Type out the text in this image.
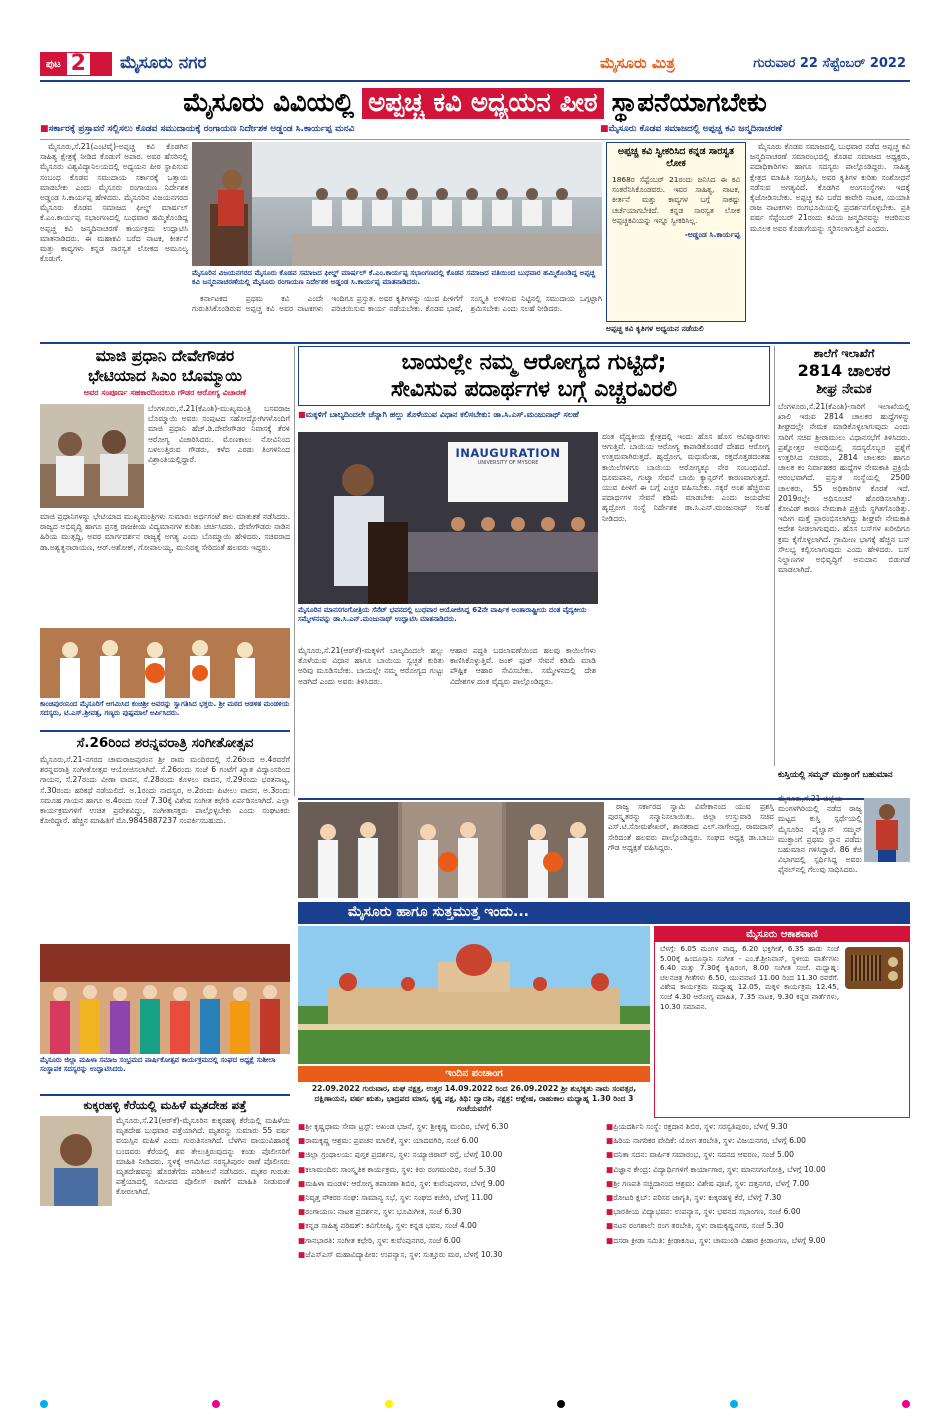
ಪುಟ 2 ಮೈಸೂರು ನಗರ	ಮೈಸೂರು ಮಿತ್ರ	ಗುರುವಾರ 22 ಸೆಪ್ಟೆಂಬರ್ 2022
ಮೈಸೂರು ವಿವಿಯಲ್ಲಿ ಅಪ್ಪಚ್ಚ ಕವಿ ಅಧ್ಯಯನ ಪೀಠ ಸ್ಥಾಪನೆಯಾಗಬೇಕು
■ ಸರ್ಕಾರಕ್ಕೆ ಪ್ರಸ್ತಾವನೆ ಸಲ್ಲಿಸಲು ಕೊಡವ ಸಮುದಾಯಕ್ಕೆ ರಂಗಾಯಣ ನಿರ್ದೇಶಕ ಅಡ್ಡಂಡ ಸಿ.ಕಾರ್ಯಪ್ಪ ಮನವಿ
■	ಮೈಸೂರು ಕೊಡವ ಸಮಾಜದಲ್ಲಿ ಅಪ್ಪಚ್ಚ ಕವಿ ಜನ್ಮದಿನಾಚರಣೆ

ಮೈಸೂರು,ಸೆ.21(ಎಂಟಿವೈ)-ಅಪ್ಪಚ್ಚ ಕವಿ ಕೊಡಗಿನ ಸಾಹಿತ್ಯ ಕ್ಷೇತ್ರಕ್ಕೆ ನೀಡಿದ ಕೊಡುಗೆ ಅಪಾರ. ಅವರ ಹೆಸರಿನಲ್ಲಿ ಮೈಸೂರು ವಿಶ್ವವಿದ್ಯಾನಿಲಯದಲ್ಲಿ ಅಧ್ಯಯನ ಪೀಠ ಸ್ಥಾಪಿಸುವ ಸಂಬಂಧ ಕೊಡವ ಸಮುದಾಯ ಸರ್ಕಾರಕ್ಕೆ ಒತ್ತಾಯ ಮಾಡಬೇಕು ಎಂದು ಮೈಸೂರು ರಂಗಾಯಣ ನಿರ್ದೇಶಕ ಅಡ್ಡಂಡ ಸಿ.ಕಾರ್ಯಪ್ಪ ಹೇಳಿದರು. ಮೈಸೂರಿನ ವಿಜಯನಗರದ ಮೈಸೂರು ಕೊಡವ ಸಮಾಜದ ಫೀಲ್ಡ್ ಮಾರ್ಷಲ್ ಕೆ.ಎಂ.ಕಾರ್ಯಪ್ಪ ಸಭಾಂಗಣದಲ್ಲಿ ಬುಧವಾರ ಹಮ್ಮಿಕೊಂಡಿದ್ದ ಅಪ್ಪಚ್ಚ ಕವಿ ಜನ್ಮದಿನಾಚರಣೆ ಕಾರ್ಯಕ್ರಮ ಉದ್ಘಾಟಿಸಿ ಮಾತನಾಡಿದರು. ಈ ಮಹಾಕವಿ ಬರೆದ ನಾಟಕ, ಕೀರ್ತನೆ ಮತ್ತು ಕಾವ್ಯಗಳು ಕನ್ನಡ ಸಾರಸ್ವತ ಲೋಕದ ಅಮೂಲ್ಯ ಕೊಡುಗೆ.

ಮೈಸೂರಿನ ವಿಜಯನಗರದ ಮೈಸೂರು ಕೊಡವ ಸಮಾಜದ ಫೀಲ್ಡ್ ಮಾರ್ಷಲ್ ಕೆ.ಎಂ.ಕಾರ್ಯಪ್ಪ ಸಭಾಂಗಣದಲ್ಲಿ ಕೊಡವ ಸಮಾಜದ ವತಿಯಿಂದ ಬುಧವಾರ ಹಮ್ಮಿಕೊಂಡಿದ್ದ ಅಪ್ಪಚ್ಚ ಕವಿ ಜನ್ಮದಿನಾಚರಣೆಯಲ್ಲಿ ಮೈಸೂರು ರಂಗಾಯಣ ನಿರ್ದೇಶಕ ಅಡ್ಡಂಡ ಸಿ.ಕಾರ್ಯಪ್ಪ ಮಾತನಾಡಿದರು.

ಕರ್ನಾಟಕದ ಪ್ರಥಮ ಕವಿ ಎಂದೇ ಗುರುತಿಸಿಕೊಂಡಿರುವ ಅಪ್ಪಚ್ಚ ಕವಿ ಅವರ ನಾಟಕಗಳು ಇಂದಿಗೂ ಪ್ರಸ್ತುತ. ಅವರ ಕೃತಿಗಳನ್ನು ಯುವ ಪೀಳಿಗೆಗೆ ಪರಿಚಯಿಸುವ ಕಾರ್ಯ ನಡೆಯಬೇಕು. ಕೊಡವ ಭಾಷೆ, ಸಂಸ್ಕೃತಿ ಉಳಿಸುವ ನಿಟ್ಟಿನಲ್ಲಿ ಸಮುದಾಯ ಒಗ್ಗಟ್ಟಾಗಿ ಶ್ರಮಿಸಬೇಕು ಎಂದು ಸಲಹೆ ನೀಡಿದರು.

ಅಪ್ಪಚ್ಚ ಕವಿ ಸ್ವೀಕರಿಸಿದ ಕನ್ನಡ ಸಾರಸ್ವತ ಲೋಕ
1868ರ ಸೆಪ್ಟೆಂಬರ್ 21ರಂದು ಜನಿಸಿದ ಈ ಕವಿ ಸಂತರೆನಿಸಿಕೊಂಡವರು. ಇವರ ಸಾಹಿತ್ಯ, ನಾಟಕ, ಕೀರ್ತನೆ ಮತ್ತು ಕಾವ್ಯಗಳ ಬಗ್ಗೆ ಸಾಕಷ್ಟು ಚರ್ಚೆಯಾಗಬೇಕಿದೆ. ಕನ್ನಡ ಸಾರಸ್ವತ ಲೋಕ ಅಪ್ಪಚ್ಚಕವಿಯನ್ನು ಇನ್ನೂ ಸ್ವೀಕರಿಸಿಲ್ಲ.
-ಅಡ್ಡಂಡ ಸಿ.ಕಾರ್ಯಪ್ಪ

ಮೈಸೂರು ಕೊಡವ ಸಮಾಜದಲ್ಲಿ ಬುಧವಾರ ನಡೆದ ಅಪ್ಪಚ್ಚ ಕವಿ ಜನ್ಮದಿನಾಚರಣೆ ಸಮಾರಂಭದಲ್ಲಿ ಕೊಡವ ಸಮಾಜದ ಅಧ್ಯಕ್ಷರು, ಪದಾಧಿಕಾರಿಗಳು ಹಾಗೂ ಸದಸ್ಯರು ಪಾಲ್ಗೊಂಡಿದ್ದರು. ಸಾಹಿತ್ಯ ಕ್ಷೇತ್ರದ ಮಾಹಿತಿ ಸಂಗ್ರಹಿಸಿ, ಅವರ ಕೃತಿಗಳ ಕುರಿತು ಸಂಶೋಧನೆ ನಡೆಸುವ ಅಗತ್ಯವಿದೆ. ಕೊಡಗಿನ ಅಂಗಸಂಸ್ಥೆಗಳು ಇದಕ್ಕೆ ಕೈಜೋಡಿಸಬೇಕು. ಅಪ್ಪಚ್ಚ ಕವಿ ಬರೆದ ಕಾವೇರಿ ನಾಟಕ, ಯಯಾತಿ ರಾಜ ನಾಟಕಗಳು ರಂಗಭೂಮಿಯಲ್ಲಿ ಪ್ರದರ್ಶನಗೊಳ್ಳಬೇಕು. ಪ್ರತಿ ವರ್ಷ ಸೆಪ್ಟೆಂಬರ್ 21ರಂದು ಕವಿಯ ಜನ್ಮದಿನವನ್ನು ಆಚರಿಸುವ ಮೂಲಕ ಅವರ ಕೊಡುಗೆಯನ್ನು ಸ್ಮರಿಸಲಾಗುತ್ತಿದೆ ಎಂದರು.

ಅಪ್ಪಚ್ಚ ಕವಿ ಕೃತಿಗಳ ಅಧ್ಯಯನ ನಡೆಯಲಿ

ಮಾಜಿ ಪ್ರಧಾನಿ ದೇವೇಗೌಡರ
ಭೇಟಿಯಾದ ಸಿಎಂ ಬೊಮ್ಮಾಯಿ
ಅವರ ಸಂಪೂರ್ಣ ಸಹಕಾರದಿಂದಲೂ ಗೌಡರ ಆರೋಗ್ಯ ವಿಚಾರಣೆ
ಬೆಂಗಳೂರು,ಸೆ.21(ಕೆಎಂಶಿ)-ಮುಖ್ಯಮಂತ್ರಿ ಬಸವರಾಜ ಬೊಮ್ಮಾಯಿ ಅವರು ಸಂಪುಟದ ಸಹೋದ್ಯೋಗಿಗಳೊಂದಿಗೆ ಮಾಜಿ ಪ್ರಧಾನಿ ಹೆಚ್.ಡಿ.ದೇವೇಗೌಡರ ನಿವಾಸಕ್ಕೆ ತೆರಳಿ ಆರೋಗ್ಯ ವಿಚಾರಿಸಿದರು. ಮೊಣಕಾಲು ನೋವಿನಿಂದ ಬಳಲುತ್ತಿರುವ ಗೌಡರು, ಕಳೆದ ಎರಡು ತಿಂಗಳಿನಿಂದ ವಿಶ್ರಾಂತಿಯಲ್ಲಿದ್ದಾರೆ.
ಮಾಜಿ ಪ್ರಧಾನಿಗಳನ್ನು ಭೇಟಿಯಾದ ಮುಖ್ಯಮಂತ್ರಿಗಳು ಸುಮಾರು ಅರ್ಧಗಂಟೆ ಕಾಲ ಮಾತುಕತೆ ನಡೆಸಿದರು. ರಾಜ್ಯದ ಅಭಿವೃದ್ಧಿ ಹಾಗೂ ಪ್ರಸಕ್ತ ರಾಜಕೀಯ ವಿದ್ಯಮಾನಗಳ ಕುರಿತು ಚರ್ಚಿಸಿದರು. ದೇವೇಗೌಡರು ನಾಡಿನ ಹಿರಿಯ ಮುತ್ಸದ್ದಿ, ಅವರ ಮಾರ್ಗದರ್ಶನ ರಾಜ್ಯಕ್ಕೆ ಅಗತ್ಯ ಎಂದು ಬೊಮ್ಮಾಯಿ ಹೇಳಿದರು. ಸಚಿವರಾದ ಡಾ.ಅಶ್ವತ್ಥನಾರಾಯಣ, ಆರ್.ಅಶೋಕ್, ಗೋಪಾಲಯ್ಯ, ಮುನಿರತ್ನ ಸೇರಿದಂತೆ ಹಲವರು ಇದ್ದರು.
ಕಾಂಚಿಪುರಂನಿಂದ ಮೈಸೂರಿಗೆ ಆಗಮಿಸಿದ ಕಂಚಿಶ್ರೀ ಅವರನ್ನು ಸ್ವಾಗತಿಸಿದ ಭಕ್ತರು. ಶ್ರೀ ಮಠದ ಆಡಳಿತ ಮಂಡಳಿಯ ಸದಸ್ಯರು, ಟಿ.ಎಸ್.ಶ್ರೀವತ್ಸ, ಗಣ್ಯರು ಪುಷ್ಪಮಾಲೆ ಅರ್ಪಿಸಿದರು.
ಬಾಯಲ್ಲೇ ನಮ್ಮ ಆರೋಗ್ಯದ ಗುಟ್ಟಿದೆ;
ಸೇವಿಸುವ ಪದಾರ್ಥಗಳ ಬಗ್ಗೆ ಎಚ್ಚರವಿರಲಿ
■ ಮಕ್ಕಳಿಗೆ ಬಾಲ್ಯದಿಂದಲೇ ಚೆನ್ನಾಗಿ ಹಲ್ಲು ತೊಳೆಯುವ ವಿಧಾನ ಕಲಿಸಬೇಕು: ಡಾ.ಸಿ.ಎಸ್.ಮಂಜುನಾಥ್ ಸಲಹೆ
INAUGURATION
UNIVERSITY OF MYSORE
ದಂತ ವೈದ್ಯಕೀಯ ಕ್ಷೇತ್ರದಲ್ಲಿ ಇಂದು ಹೊಸ ಹೊಸ ಆವಿಷ್ಕಾರಗಳು ಆಗುತ್ತಿವೆ. ಬಾಯಿಯ ಆರೋಗ್ಯ ಕಾಪಾಡಿಕೊಂಡರೆ ದೇಹದ ಆರೋಗ್ಯ ಉತ್ತಮವಾಗಿರುತ್ತದೆ. ಹೃದ್ರೋಗ, ಮಧುಮೇಹ, ರಕ್ತದೊತ್ತಡದಂತಹ ಕಾಯಿಲೆಗಳಿಗೂ ಬಾಯಿಯ ಆರೋಗ್ಯಕ್ಕೂ ನೇರ ಸಂಬಂಧವಿದೆ. ಧೂಮಪಾನ, ಗುಟ್ಕಾ ಸೇವನೆ ಬಾಯಿ ಕ್ಯಾನ್ಸರ್‌ಗೆ ಕಾರಣವಾಗುತ್ತದೆ. ಯುವ ಪೀಳಿಗೆ ಈ ಬಗ್ಗೆ ಎಚ್ಚರ ವಹಿಸಬೇಕು. ಸಕ್ಕರೆ ಅಂಶ ಹೆಚ್ಚಿರುವ ಪದಾರ್ಥಗಳ ಸೇವನೆ ಕಡಿಮೆ ಮಾಡಬೇಕು ಎಂದು ಜಯದೇವ ಹೃದ್ರೋಗ ಸಂಸ್ಥೆ ನಿರ್ದೇಶಕ ಡಾ.ಸಿ.ಎನ್.ಮಂಜುನಾಥ್ ಸಲಹೆ ನೀಡಿದರು.
ಮೈಸೂರಿನ ಮಾನಸಗಂಗೋತ್ರಿಯ ಸೆನೆಟ್ ಭವನದಲ್ಲಿ ಬುಧವಾರ ಆಯೋಜಿಸಿದ್ದ 62ನೇ ವಾರ್ಷಿಕ ಅಂತಾರಾಷ್ಟ್ರೀಯ ದಂತ ವೈದ್ಯಕೀಯ ಸಮ್ಮೇಳನವನ್ನು ಡಾ.ಸಿ.ಎನ್.ಮಂಜುನಾಥ್ ಉದ್ಘಾಟಿಸಿ ಮಾತನಾಡಿದರು.
ಮೈಸೂರು,ಸೆ.21(ಆರ್‌ಕೆ)-ಮಕ್ಕಳಿಗೆ ಬಾಲ್ಯದಿಂದಲೇ ಹಲ್ಲು ತೊಳೆಯುವ ವಿಧಾನ ಹಾಗೂ ಬಾಯಿಯ ಸ್ವಚ್ಛತೆ ಕುರಿತು ಅರಿವು ಮೂಡಿಸಬೇಕು. ಬಾಯಲ್ಲೇ ನಮ್ಮ ಆರೋಗ್ಯದ ಗುಟ್ಟು ಅಡಗಿದೆ ಎಂದು ಅವರು ತಿಳಿಸಿದರು.
ಆಹಾರ ಪದ್ಧತಿ ಬದಲಾವಣೆಯಿಂದ ಹಲವು ಕಾಯಿಲೆಗಳು ಕಾಣಿಸಿಕೊಳ್ಳುತ್ತಿವೆ. ಜಂಕ್ ಫುಡ್ ಸೇವನೆ ಕಡಿಮೆ ಮಾಡಿ ಪೌಷ್ಟಿಕ ಆಹಾರ ಸೇವಿಸಬೇಕು. ಸಮ್ಮೇಳನದಲ್ಲಿ ದೇಶ ವಿದೇಶಗಳ ದಂತ ವೈದ್ಯರು ಪಾಲ್ಗೊಂಡಿದ್ದರು.
ಶಾಲೆಗೆ ಇಲಾಖೆಗೆ
2814 ಚಾಲಕರ
ಶೀಘ್ರ ನೇಮಕ
ಬೆಂಗಳೂರು,ಸೆ.21(ಕೆಎಂಶಿ)-ಸಾರಿಗೆ ಇಲಾಖೆಯಲ್ಲಿ ಖಾಲಿ ಇರುವ 2814 ಚಾಲಕರ ಹುದ್ದೆಗಳನ್ನು ಶೀಘ್ರದಲ್ಲೇ ನೇಮಕ ಮಾಡಿಕೊಳ್ಳಲಾಗುವುದು ಎಂದು ಸಾರಿಗೆ ಸಚಿವ ಶ್ರೀರಾಮುಲು ವಿಧಾನಸಭೆಗೆ ತಿಳಿಸಿದರು. ಪ್ರಶ್ನೋತ್ತರ ಅವಧಿಯಲ್ಲಿ ಸದಸ್ಯರೊಬ್ಬರ ಪ್ರಶ್ನೆಗೆ ಉತ್ತರಿಸಿದ ಸಚಿವರು, 2814 ಚಾಲಕರು ಹಾಗೂ ಚಾಲಕ ಕಂ ನಿರ್ವಾಹಕರ ಹುದ್ದೆಗಳ ನೇಮಕಾತಿ ಪ್ರಕ್ರಿಯೆ ಆರಂಭವಾಗಿದೆ. ಪ್ರಸ್ತುತ ಸಂಸ್ಥೆಯಲ್ಲಿ 2500 ಚಾಲಕರು, 55 ಅಧಿಕಾರಿಗಳ ಕೊರತೆ ಇದೆ. 2019ರಲ್ಲೇ ಅಧಿಸೂಚನೆ ಹೊರಡಿಸಲಾಗಿತ್ತು. ಕೋವಿಡ್ ಕಾರಣ ನೇಮಕಾತಿ ಪ್ರಕ್ರಿಯೆ ಸ್ಥಗಿತಗೊಂಡಿತ್ತು. ಇದೀಗ ಮತ್ತೆ ಪ್ರಾರಂಭಿಸಲಾಗಿದ್ದು ಶೀಘ್ರವೇ ನೇಮಕಾತಿ ಆದೇಶ ನೀಡಲಾಗುವುದು. ಹೊಸ ಬಸ್‌ಗಳ ಖರೀದಿಗೂ ಕ್ರಮ ಕೈಗೊಳ್ಳಲಾಗಿದೆ. ಗ್ರಾಮೀಣ ಭಾಗಕ್ಕೆ ಹೆಚ್ಚಿನ ಬಸ್ ಸೌಲಭ್ಯ ಕಲ್ಪಿಸಲಾಗುವುದು ಎಂದು ಹೇಳಿದರು. ಬಸ್ ನಿಲ್ದಾಣಗಳ ಅಭಿವೃದ್ಧಿಗೆ ಅನುದಾನ ಬಿಡುಗಡೆ ಮಾಡಲಾಗಿದೆ.
ಸೆ.26ರಿಂದ ಶರನ್ನವರಾತ್ರಿ ಸಂಗೀತೋತ್ಸವ
ಮೈಸೂರು,ಸೆ.21-ನಗರದ ಚಾಮರಾಜಪುರಂನ ಶ್ರೀ ರಾಮ ಮಂದಿರದಲ್ಲಿ ಸೆ.26ರಿಂದ ಅ.4ರವರೆಗೆ ಶರನ್ನವರಾತ್ರಿ ಸಂಗೀತೋತ್ಸವ ಆಯೋಜಿಸಲಾಗಿದೆ. ಸೆ.26ರಂದು ಸಂಜೆ 6 ಗಂಟೆಗೆ ಖ್ಯಾತ ವಿದ್ವಾಂಸರಿಂದ ಗಾಯನ, ಸೆ.27ರಂದು ವೀಣಾ ವಾದನ, ಸೆ.28ರಂದು ಕೊಳಲು ವಾದನ, ಸೆ.29ರಂದು ಭರತನಾಟ್ಯ, ಸೆ.30ರಂದು ಹರಿಕಥೆ ನಡೆಯಲಿದೆ. ಅ.1ರಂದು ನಾದಸ್ವರ, ಅ.2ರಂದು ಪಿಟೀಲು ವಾದನ, ಅ.3ರಂದು ಸಮೂಹ ಗಾಯನ ಹಾಗೂ ಅ.4ರಂದು ಸಂಜೆ 7.30ಕ್ಕೆ ವಿಶೇಷ ಸಂಗೀತ ಕಛೇರಿ ಏರ್ಪಡಿಸಲಾಗಿದೆ. ಎಲ್ಲಾ ಕಾರ್ಯಕ್ರಮಗಳಿಗೆ ಉಚಿತ ಪ್ರವೇಶವಿದ್ದು, ಸಂಗೀತಾಸಕ್ತರು ಪಾಲ್ಗೊಳ್ಳಬೇಕು ಎಂದು ಸಂಘಟಕರು ಕೋರಿದ್ದಾರೆ. ಹೆಚ್ಚಿನ ಮಾಹಿತಿಗೆ ಮೊ.9845887237 ಸಂಪರ್ಕಿಸಬಹುದು.
ಮೈಸೂರು ಜಿಲ್ಲಾ ಮಹಿಳಾ ಸಮಾಜ ಸಂಭ್ರಮದ ವಾರ್ಷಿಕೋತ್ಸವ ಕಾರ್ಯಕ್ರಮದಲ್ಲಿ ಸಂಘದ ಅಧ್ಯಕ್ಷೆ ಸುಶೀಲಾ ಸಂಸ್ಥಾಪಕ ಸದಸ್ಯರನ್ನು ಉದ್ಘಾಟಿಸಿದರು.
ಕುಕ್ಕರಹಳ್ಳಿ ಕೆರೆಯಲ್ಲಿ ಮಹಿಳೆ ಮೃತದೇಹ ಪತ್ತೆ
ಮೈಸೂರು,ಸೆ.21(ಆರ್‌ಕೆ)-ಮೈಸೂರಿನ ಕುಕ್ಕರಹಳ್ಳಿ ಕೆರೆಯಲ್ಲಿ ಮಹಿಳೆಯ ಮೃತದೇಹ ಬುಧವಾರ ಪತ್ತೆಯಾಗಿದೆ. ಮೃತರನ್ನು ಸುಮಾರು 55 ವರ್ಷ ವಯಸ್ಸಿನ ಮಹಿಳೆ ಎಂದು ಗುರುತಿಸಲಾಗಿದೆ. ಬೆಳಗಿನ ವಾಯುವಿಹಾರಕ್ಕೆ ಬಂದವರು ಕೆರೆಯಲ್ಲಿ ಶವ ತೇಲುತ್ತಿರುವುದನ್ನು ಕಂಡು ಪೊಲೀಸರಿಗೆ ಮಾಹಿತಿ ನೀಡಿದರು. ಸ್ಥಳಕ್ಕೆ ಆಗಮಿಸಿದ ಸರಸ್ವತಿಪುರಂ ಠಾಣೆ ಪೊಲೀಸರು ಮೃತದೇಹವನ್ನು ಹೊರತೆಗೆದು ಪರಿಶೀಲನೆ ನಡೆಸಿದರು. ಮೃತರ ಗುರುತು ಪತ್ತೆಯಾದಲ್ಲಿ ಸಮೀಪದ ಪೊಲೀಸ್ ಠಾಣೆಗೆ ಮಾಹಿತಿ ನೀಡುವಂತೆ ಕೋರಲಾಗಿದೆ.

ರಾಜ್ಯ ಸರ್ಕಾರದ ಸ್ವಾಮಿ ವಿವೇಕಾನಂದ ಯುವ ಪ್ರಶಸ್ತಿ ಪುರಸ್ಕೃತರನ್ನು ಸನ್ಮಾನಿಸಲಾಯಿತು. ಜಿಲ್ಲಾ ಉಸ್ತುವಾರಿ ಸಚಿವ ಎಸ್.ಟಿ.ಸೋಮಶೇಖರ್, ಶಾಸಕರಾದ ಎಲ್.ನಾಗೇಂದ್ರ, ರಾಮದಾಸ್ ಸೇರಿದಂತೆ ಹಲವರು ಪಾಲ್ಗೊಂಡಿದ್ದರು. ಸಂಘದ ಅಧ್ಯಕ್ಷ ಡಾ.ಬಾಬು ಗೌಡ ಅಧ್ಯಕ್ಷತೆ ವಹಿಸಿದ್ದರು.

ಕುಸ್ತಿಯಲ್ಲಿ ಸಮ್ಮನ್ ಮುಕ್ತಾಂಗೆ ಬಹುಮಾನ
ಮೈಸೂರು,ಸೆ.21-ಜಿಲ್ಲೆಯ ಮಂಗಳಗಿರಿಯಲ್ಲಿ ನಡೆದ ರಾಜ್ಯ ಮಟ್ಟದ ಕುಸ್ತಿ ಸ್ಪರ್ಧೆಯಲ್ಲಿ ಮೈಸೂರಿನ ಪೈಲ್ವಾನ್ ಸಮ್ಮನ್ ಮುಕ್ತಾಂಗೆ ಪ್ರಥಮ ಸ್ಥಾನ ಪಡೆದು ಬಹುಮಾನ ಗಳಿಸಿದ್ದಾರೆ. 86 ಕೆಜಿ ವಿಭಾಗದಲ್ಲಿ ಸ್ಪರ್ಧಿಸಿದ್ದ ಅವರು ಫೈನಲ್‌ನಲ್ಲಿ ಗೆಲುವು ಸಾಧಿಸಿದರು.
ಮೈಸೂರು ಹಾಗೂ ಸುತ್ತಮುತ್ತ ಇಂದು...
ಇಂದಿನ ಪಂಚಾಂಗ
22.09.2022 ಗುರುವಾರ, ಮಘ ನಕ್ಷತ್ರ, ಉತ್ತರ 14.09.2022 ರಿಂದ 26.09.2022 ಶ್ರೀ ಶುಭಕೃತು ನಾಮ ಸಂವತ್ಸರ, ದಕ್ಷಿಣಾಯನ, ವರ್ಷ ಋತು, ಭಾದ್ರಪದ ಮಾಸ, ಕೃಷ್ಣ ಪಕ್ಷ, ತಿಥಿ: ದ್ವಾದಶಿ, ನಕ್ಷತ್ರ: ಆಶ್ಲೇಷ, ರಾಹುಕಾಲ ಮಧ್ಯಾಹ್ನ 1.30 ರಿಂದ 3 ಗಂಟೆಯವರೆಗೆ
ಮೈಸೂರು ಆಕಾಶವಾಣಿ
ಬೆಳಗ್ಗೆ: 6.05 ಮಂಗಳ ವಾದ್ಯ, 6.20 ಭಕ್ತಿಗೀತೆ, 6.35 ಹಾಡು ಸಂಜೆ 5.00ಕ್ಕೆ ಹಿಂದೂಸ್ತಾನಿ ಸಂಗೀತ - ಎಂ.ಕೆ.ಶ್ರೀನಿವಾಸ್, ಸ್ಥಳೀಯ ವಾರ್ತೆಗಳು 6.40 ಮತ್ತು 7.30ಕ್ಕೆ ಕೃಷಿರಂಗ, 8.00 ಸಂಗೀತ ಸಂಜೆ. ಮಧ್ಯಾಹ್ನ: ಚಲನಚಿತ್ರ ಗೀತೆಗಳು 6.50, ಯುವವಾಣಿ 11.00 ರಿಂದ 11.30 ರವರೆಗೆ. ವಿಶೇಷ ಕಾರ್ಯಕ್ರಮ ಮಧ್ಯಾಹ್ನ 12.05, ಮಕ್ಕಳ ಕಾರ್ಯಕ್ರಮ 12.45, ಸಂಜೆ 4.30 ಆರೋಗ್ಯ ಮಾಹಿತಿ, 7.35 ನಾಟಕ, 9.30 ಕನ್ನಡ ವಾರ್ತೆಗಳು, 10.30 ಸಮಾಪನ.
■ ಶ್ರೀ ಕೃಷ್ಣಧಾಮ ಸೇವಾ ಟ್ರಸ್ಟ್: ಅಖಂಡ ಭಜನೆ, ಸ್ಥಳ: ಶ್ರೀಕೃಷ್ಣ ಮಂದಿರ, ಬೆಳಗ್ಗೆ 6.30
■ ರಾಮಕೃಷ್ಣ ಆಶ್ರಮ: ಪ್ರವಚನ ಮಾಲಿಕೆ, ಸ್ಥಳ: ಯಾದವಗಿರಿ, ಸಂಜೆ 6.00
■ ಜಿಲ್ಲಾ ಗ್ರಂಥಾಲಯ: ಪುಸ್ತಕ ಪ್ರದರ್ಶನ, ಸ್ಥಳ: ಸಯ್ಯಾಜಿರಾವ್ ರಸ್ತೆ, ಬೆಳಗ್ಗೆ 10.00
■ ಕಲಾಮಂದಿರ: ಸಾಂಸ್ಕೃತಿಕ ಕಾರ್ಯಕ್ರಮ, ಸ್ಥಳ: ಕಿರು ರಂಗಮಂದಿರ, ಸಂಜೆ 5.30
■ ಮಹಿಳಾ ಮಂಡಳಿ: ಆರೋಗ್ಯ ತಪಾಸಣಾ ಶಿಬಿರ, ಸ್ಥಳ: ಕುವೆಂಪುನಗರ, ಬೆಳಗ್ಗೆ 9.00
■ ನಿವೃತ್ತ ನೌಕರರ ಸಂಘ: ಸಾಮಾನ್ಯ ಸಭೆ, ಸ್ಥಳ: ಸಂಘದ ಕಚೇರಿ, ಬೆಳಗ್ಗೆ 11.00
■ ರಂಗಾಯಣ: ನಾಟಕ ಪ್ರದರ್ಶನ, ಸ್ಥಳ: ಭೂಮಿಗೀತ, ಸಂಜೆ 6.30
■ ಕನ್ನಡ ಸಾಹಿತ್ಯ ಪರಿಷತ್: ಕವಿಗೋಷ್ಠಿ, ಸ್ಥಳ: ಕನ್ನಡ ಭವನ, ಸಂಜೆ 4.00
■ ಗಾನಭಾರತಿ: ಸಂಗೀತ ಕಛೇರಿ, ಸ್ಥಳ: ಕುವೆಂಪುನಗರ, ಸಂಜೆ 6.00
■ ಜೆಎಸ್‌ಎಸ್ ಮಹಾವಿದ್ಯಾಪೀಠ: ಉಪನ್ಯಾಸ, ಸ್ಥಳ: ಸುತ್ತೂರು ಮಠ, ಬೆಳಗ್ಗೆ 10.30
■ ಪ್ರಿಯದರ್ಶಿನಿ ಸಂಸ್ಥೆ: ರಕ್ತದಾನ ಶಿಬಿರ, ಸ್ಥಳ: ಸರಸ್ವತಿಪುರಂ, ಬೆಳಗ್ಗೆ 9.30
■ ಹಿರಿಯ ನಾಗರಿಕರ ವೇದಿಕೆ: ಯೋಗ ತರಬೇತಿ, ಸ್ಥಳ: ವಿಜಯನಗರ, ಬೆಳಗ್ಗೆ 6.00
■ ವನಿತಾ ಸದನ: ವಾರ್ಷಿಕ ಸಮಾರಂಭ, ಸ್ಥಳ: ಸದನದ ಆವರಣ, ಸಂಜೆ 5.00
■ ವಿಜ್ಞಾನ ಕೇಂದ್ರ: ವಿದ್ಯಾರ್ಥಿಗಳಿಗೆ ಕಾರ್ಯಾಗಾರ, ಸ್ಥಳ: ಮಾನಸಗಂಗೋತ್ರಿ, ಬೆಳಗ್ಗೆ 10.00
■ ಶ್ರೀ ಗಣಪತಿ ಸಚ್ಚಿದಾನಂದ ಆಶ್ರಮ: ವಿಶೇಷ ಪೂಜೆ, ಸ್ಥಳ: ದತ್ತನಗರ, ಬೆಳಗ್ಗೆ 7.00
■ ರೋಟರಿ ಕ್ಲಬ್: ಪರಿಸರ ಜಾಗೃತಿ, ಸ್ಥಳ: ಕುಕ್ಕರಹಳ್ಳಿ ಕೆರೆ, ಬೆಳಗ್ಗೆ 7.30
■ ಭಾರತೀಯ ವಿದ್ಯಾಭವನ: ಉಪನ್ಯಾಸ, ಸ್ಥಳ: ಭವನದ ಸಭಾಂಗಣ, ಸಂಜೆ 6.00
■ ನಟನ ರಂಗಶಾಲೆ: ರಂಗ ತರಬೇತಿ, ಸ್ಥಳ: ರಾಮಕೃಷ್ಣನಗರ, ಸಂಜೆ 5.30
■ ದಸರಾ ಕ್ರೀಡಾ ಸಮಿತಿ: ಕ್ರೀಡಾಕೂಟ, ಸ್ಥಳ: ಚಾಮುಂಡಿ ವಿಹಾರ ಕ್ರೀಡಾಂಗಣ, ಬೆಳಗ್ಗೆ 9.00
